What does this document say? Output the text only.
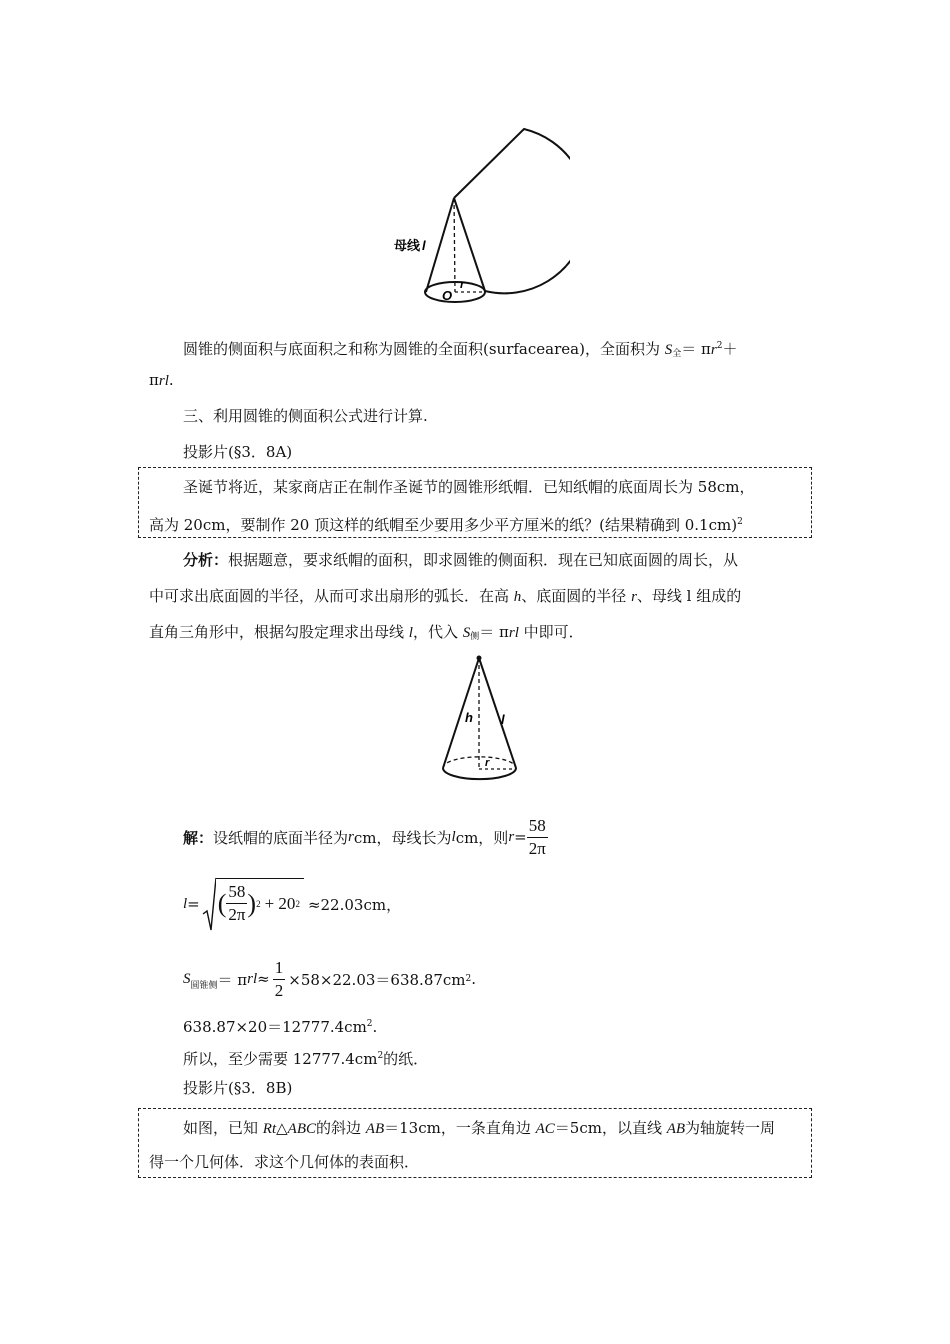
母线 l
O
r
圆锥的侧面积与底面积之和称为圆锥的全面积(surfacearea)，全面积为 $S_全= \pi r^2+$
πrl.
三、利用圆锥的侧面积公式进行计算.
投影片(§3．8A)
圣诞节将近，某家商店正在制作圣诞节的圆锥形纸帽．已知纸帽的底面周长为 58cm，
高为 20cm，要制作 20 顶这样的纸帽至少要用多少平方厘米的纸？(结果精确到 0.1cm)$^2$
分析：根据题意，要求纸帽的面积，即求圆锥的侧面积．现在已知底面圆的周长，从
中可求出底面圆的半径，从而可求出扇形的弧长．在高 h、底面圆的半径 r、母线 l 组成的
直角三角形中，根据勾股定理求出母线 l，代入 $S_侧= \pi rl$ 中即可．
h l
r
解： 设纸帽的底面半径为 r cm，母线长为 l cm，则 $r = \frac{58}{2\pi}$
l = ( $\frac{58}{2\pi}$ ) 2 + 20 2 ≈22.03cm，
S 圆锥侧 ＝ π rl ≈ $\frac{1}{2} \times 58\times 22.03=638.87cm$ 2 .
$638.87\times 20=12777.4cm^2$.
所以，至少需要 $12777.4cm^2$的纸．
投影片(§3．8B)
如图，已知 Rt△ABC的斜边 AB＝13cm，一条直角边 AC＝5cm，以直线 AB为轴旋转一周
得一个几何体．求这个几何体的表面积．
